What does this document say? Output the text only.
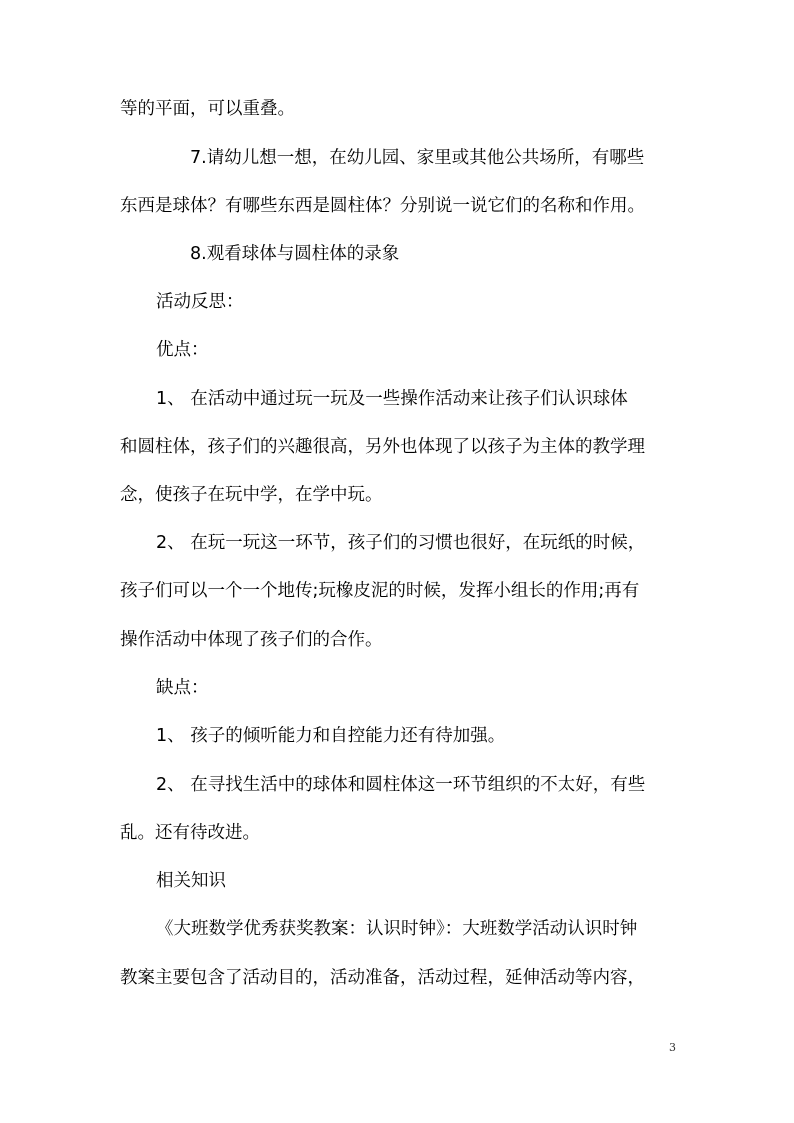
等的平面，可以重叠。
7.请幼儿想一想，在幼儿园、家里或其他公共场所，有哪些
东西是球体？有哪些东西是圆柱体？分别说一说它们的名称和作用。
8.观看球体与圆柱体的录象
活动反思：
优点：
1、 在活动中通过玩一玩及一些操作活动来让孩子们认识球体
和圆柱体，孩子们的兴趣很高，另外也体现了以孩子为主体的教学理
念，使孩子在玩中学，在学中玩。
2、 在玩一玩这一环节，孩子们的习惯也很好，在玩纸的时候，
孩子们可以一个一个地传;玩橡皮泥的时候，发挥小组长的作用;再有
操作活动中体现了孩子们的合作。
缺点：
1、 孩子的倾听能力和自控能力还有待加强。
2、 在寻找生活中的球体和圆柱体这一环节组织的不太好，有些
乱。还有待改进。
相关知识
《大班数学优秀获奖教案：认识时钟》：大班数学活动认识时钟
教案主要包含了活动目的，活动准备，活动过程，延伸活动等内容，
3
